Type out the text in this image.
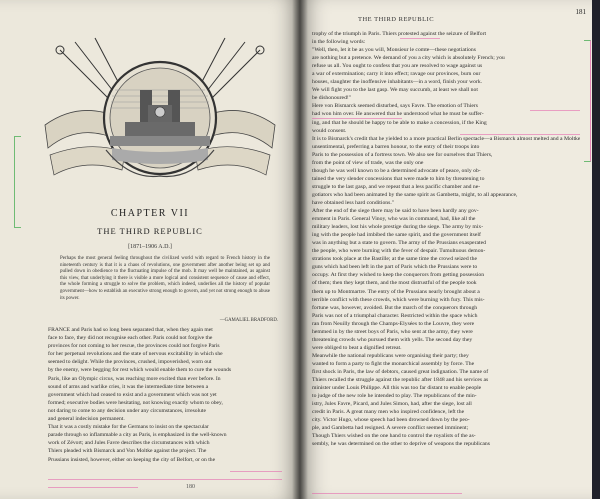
CHAPTER VII
THE THIRD REPUBLIC
[1871–1906 A.D.]
Perhaps the most general feeling throughout the civilized world with regard to French history in the nineteenth century is that it is a chaos of revolutions, one government after another being set up and pulled down in obedience to the fluctuating impulse of the mob. It may well be maintained, as against this view, that underlying it there is visible a more logical and consistent sequence of cause and effect, the whole forming a struggle to solve the problem, which indeed, underlies all the history of popular government—how to establish an executive strong enough to govern, and yet not strong enough to abuse its power.
—GAMALIEL BRADFORD.
FRANCE and Paris had so long been separated that, when they again met
face to face, they did not recognise each other. Paris could not forgive the
provinces for not coming to her rescue, the provinces could not forgive Paris
for her perpetual revolutions and the state of nervous excitability in which she
seemed to delight. While the provinces, crushed, impoverished, worn out
by the enemy, were begging for rest which would enable them to cure the wounds
Paris, like an Olympic circus, was reaching more excited than ever before. In
sound of arms and warlike cries, it was the intermediate time between a
government which had ceased to exist and a government which was not yet
formed; executive bodies were hesitating, not knowing exactly whom to obey,
not daring to come to any decision under any circumstances, irresolute
and general indecision permanent.
That it was a costly mistake for the Germans to insist on the spectacular
parade through so inflammable a city as Paris, is emphasized in the well-known
work of Zévort; and Jules Favre describes the circumstances with which
Thiers pleaded with Bismarck and Von Moltke against the project. The
Prussians insisted, however, either on keeping the city of Belfort, or on the
180
THE THIRD REPUBLIC
181
trophy of the triumph in Paris. Thiers protested against the seizure of Belfort
in the following words:
"Well, then, let it be as you will, Monsieur le comte—these negotiations
are nothing but a pretence. We demand of you a city which is absolutely French; you
refuse us all. You ought to confess that you are resolved to wage against us
a war of extermination; carry it into effect; ravage our provinces, burn our
houses, slaughter the inoffensive inhabitants—in a word, finish your work.
We will fight you to the last gasp. We may succumb, at least we shall not
be dishonoured!"
Here von Bismarck seemed disturbed, says Favre. The emotion of Thiers
had won him over. He answered that he understood what he must be suffer-
ing, and that he should be happy to be able to make a concession, if the King
would consent.
It is to Bismarck's credit that he yielded to a more practical Berlin spectacle—a Bismarck almost melted and a Moltke
unsentimental, preferring a barren honour, to the entry of their troops into
Paris to the possession of a fortress town. We also see for ourselves that Thiers,
from the point of view of trade, was the only one
though he was well known to be a determined advocate of peace, only ob-
tained the very slender concessions that were made to him by threatening to
struggle to the last gasp, and we repeat that a less pacific chamber and ne-
gotiators who had been animated by the same spirit as Gambetta, might, to all appearance,
have obtained less hard conditions."
After the end of the siege there may be said to have been hardly any gov-
ernment in Paris. General Vinoy, who was in command, had, like all the
military leaders, lost his whole prestige during the siege. The army by mix-
ing with the people had imbibed the same spirit, and the government itself
was in anything but a state to govern. The army of the Prussians exasperated
the people, who were burning with the fever of despair. Tumultuous demon-
strations took place at the Bastille; at the same time the crowd seized the
guns which had been left in the part of Paris which the Prussians were to
occupy. At first they wished to keep the conquerors from getting possession
of them; then they kept them, and the most distrustful of the people took
them up to Montmartre. The entry of the Prussians nearly brought about a
terrible conflict with these crowds, which were burning with fury. This mis-
fortune was, however, avoided. But the march of the conquerors through
Paris was not of a triumphal character. Restricted within the space which
ran from Neuilly through the Champs-Elysées to the Louvre, they were
hemmed in by the street boys of Paris, who sent at the army, they were
threatening crowds who pursued them with yells. The second day they
were obliged to beat a dignified retreat.
Meanwhile the national republicans were organising their party; they
wanted to form a party to fight the monarchical assembly by force. The
first shock in Paris, the law of debtors, caused great indignation. The name of
Thiers recalled the struggle against the republic after 1848 and his services as
minister under Louis Philippe. All this was too far distant to enable people
to judge of the new role he intended to play. The republicans of the min-
istry, Jules Favre, Picard, and Jules Simon, had, after the siege, lost all
credit in Paris. A great many men who inspired confidence, left the
city. Victor Hugo, whose speech had been drowned down by the peo-
ple, and Gambetta had resigned. A severe conflict seemed imminent;
Though Thiers wished on the one hand to control the royalists of the as-
sembly, he was determined on the other to deprive of weapons the republicans
